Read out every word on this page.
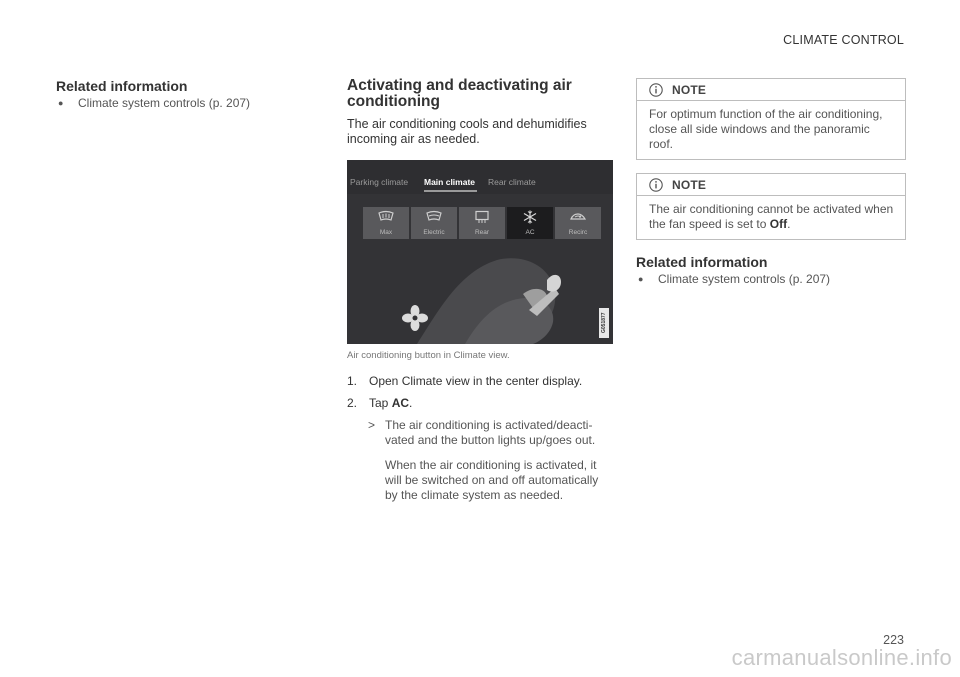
CLIMATE CONTROL
Related information
●	Climate system controls (p. 207)
Activating and deactivating air conditioning

The air conditioning cools and dehumidifies incoming air as needed.

Parking climate Main climate Rear climate
Max	Electric	Rear	AC	Recirc
G051877
Air conditioning button in Climate view.
1. Open Climate view in the center display.
2. Tap AC.
> The air conditioning is activated/deacti-vated and the button lights up/goes out.
When the air conditioning is activated, it will be switched on and off automatically by the climate system as needed.
NOTE
For optimum function of the air conditioning, close all side windows and the panoramic roof.
NOTE
The air conditioning cannot be activated when the fan speed is set to Off.
Related information
●	Climate system controls (p. 207)
223
carmanualsonline.info
